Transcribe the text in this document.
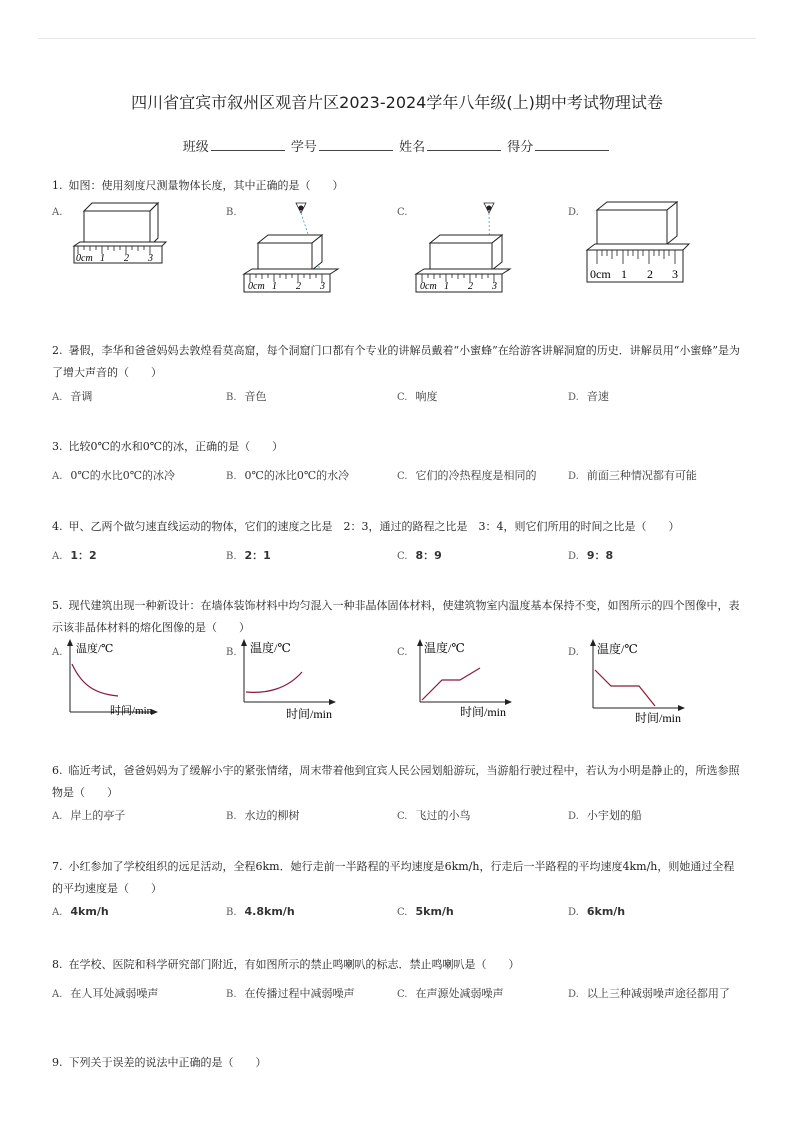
四川省宜宾市叙州区观音片区2023-2024学年八年级(上)期中考试物理试卷
班级	学号	姓名	得分
1. 如图：使用刻度尺测量物体长度，其中正确的是（　　）
A.	B.	C.	D.
0cm 1 2 3
0cm 1 2 3	0cm 1 2 3
0cm 1 2 3
2. 暑假，李华和爸爸妈妈去敦煌看莫高窟，每个洞窟门口都有个专业的讲解员戴着“小蜜蜂”在给游客讲解洞窟的历史．讲解员用“小蜜蜂”是为了增大声音的（　　）
A. 音调	B. 音色	C. 响度	D. 音速
3. 比较0℃的水和0℃的冰，正确的是（　　）
A. 0℃的水比0℃的冰冷	B. 0℃的冰比0℃的水冷	C. 它们的冷热程度是相同的	D. 前面三种情况都有可能
4. 甲、乙两个做匀速直线运动的物体，它们的速度之比是　2：3，通过的路程之比是　3：4，则它们所用的时间之比是（　　）
A. 1：2	B. 2：1	C. 8：9	D. 9：8
5. 现代建筑出现一种新设计：在墙体装饰材料中均匀混入一种非晶体固体材料，使建筑物室内温度基本保持不变，如图所示的四个图像中，表示该非晶体材料的熔化图像的是（　　）
A.	B.	C.	D.
温度/℃
时间/min
温度/℃
时间/min
温度/℃
时间/min
温度/℃
时间/min
6. 临近考试，爸爸妈妈为了缓解小宇的紧张情绪，周末带着他到宜宾人民公园划船游玩，当游船行驶过程中，若认为小明是静止的，所选参照物是（　　）
A. 岸上的亭子	B. 水边的柳树	C. 飞过的小鸟	D. 小宇划的船
7. 小红参加了学校组织的远足活动，全程6km．她行走前一半路程的平均速度是6km/h，行走后一半路程的平均速度4km/h，则她通过全程的平均速度是（　　）
A. 4km/h	B. 4.8km/h	C. 5km/h	D. 6km/h
8. 在学校、医院和科学研究部门附近，有如图所示的禁止鸣喇叭的标志．禁止鸣喇叭是（　　）
A. 在人耳处减弱噪声	B. 在传播过程中减弱噪声	C. 在声源处减弱噪声	D. 以上三种减弱噪声途径都用了
9. 下列关于误差的说法中正确的是（　　）
